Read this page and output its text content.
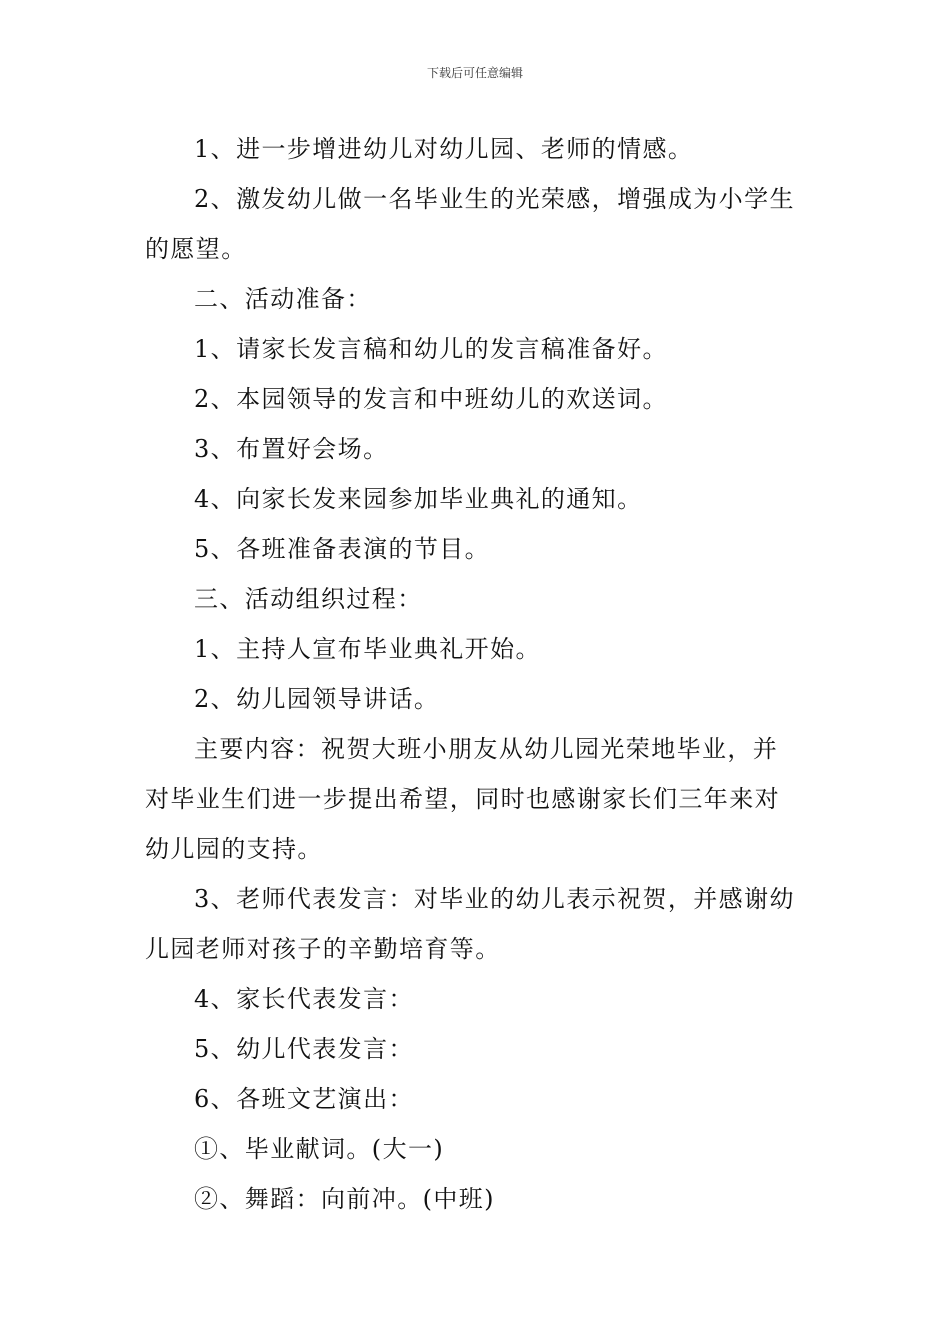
下载后可任意编辑

1、进一步增进幼儿对幼儿园、老师的情感。

2、激发幼儿做一名毕业生的光荣感，增强成为小学生

的愿望。

二、活动准备：

1、请家长发言稿和幼儿的发言稿准备好。

2、本园领导的发言和中班幼儿的欢送词。

3、布置好会场。

4、向家长发来园参加毕业典礼的通知。

5、各班准备表演的节目。

三、活动组织过程：

1、主持人宣布毕业典礼开始。

2、幼儿园领导讲话。

主要内容：祝贺大班小朋友从幼儿园光荣地毕业，并

对毕业生们进一步提出希望，同时也感谢家长们三年来对

幼儿园的支持。

3、老师代表发言：对毕业的幼儿表示祝贺，并感谢幼

儿园老师对孩子的辛勤培育等。

4、家长代表发言：

5、幼儿代表发言：

6、各班文艺演出：

①、毕业献词。(大一)

②、舞蹈：向前冲。(中班)
